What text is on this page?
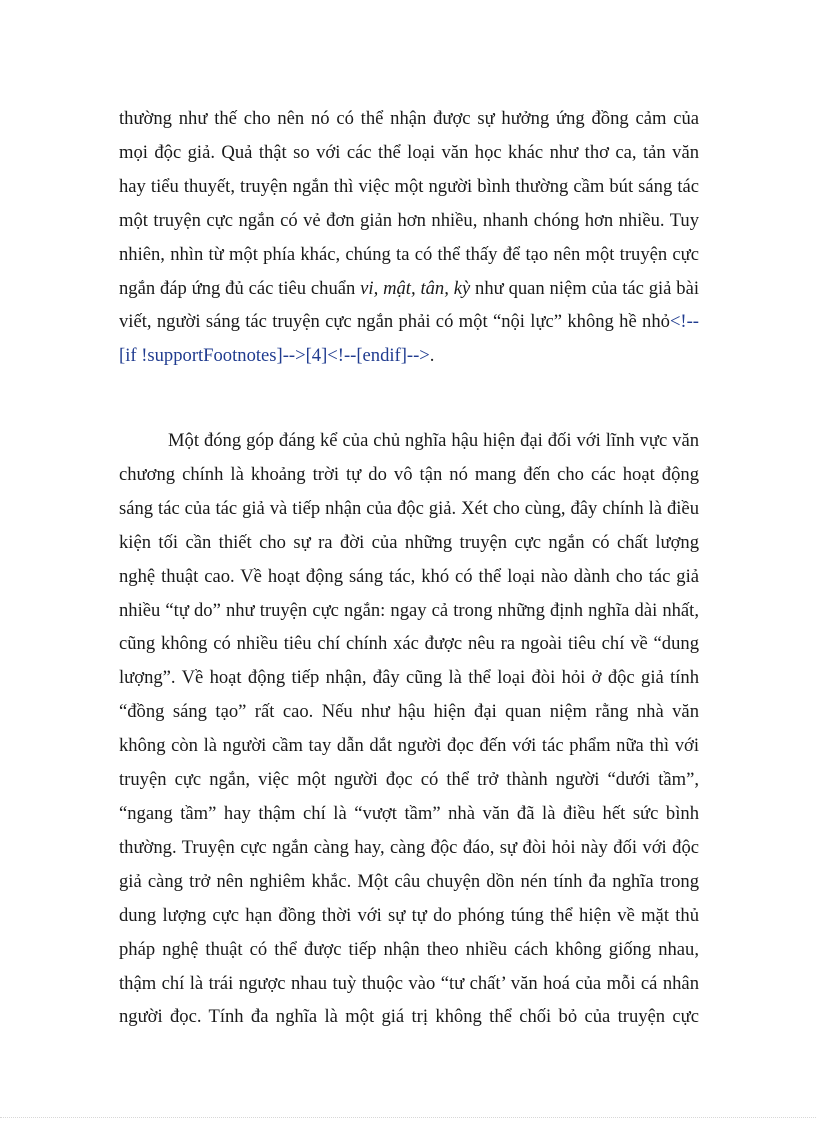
thường như thế cho nên nó có thể nhận được sự hưởng ứng đồng cảm của
mọi độc giả. Quả thật so với các thể loại văn học khác như thơ ca, tản văn
hay tiểu thuyết, truyện ngắn thì việc một người bình thường cầm bút sáng tác
một truyện cực ngắn có vẻ đơn giản hơn nhiều, nhanh chóng hơn nhiều. Tuy
nhiên, nhìn từ một phía khác, chúng ta có thể thấy để tạo nên một truyện cực
ngắn đáp ứng đủ các tiêu chuẩn vi, mật, tân, kỳ như quan niệm của tác giả bài
viết, người sáng tác truyện cực ngắn phải có một “nội lực” không hề nhỏ<!--
[if !supportFootnotes]-->[4]<!--[endif]-->.
Một đóng góp đáng kể của chủ nghĩa hậu hiện đại đối với lĩnh vực văn
chương chính là khoảng trời tự do vô tận nó mang đến cho các hoạt động
sáng tác của tác giả và tiếp nhận của độc giả. Xét cho cùng, đây chính là điều
kiện tối cần thiết cho sự ra đời của những truyện cực ngắn có chất lượng
nghệ thuật cao. Về hoạt động sáng tác, khó có thể loại nào dành cho tác giả
nhiều “tự do” như truyện cực ngắn: ngay cả trong những định nghĩa dài nhất,
cũng không có nhiều tiêu chí chính xác được nêu ra ngoài tiêu chí về “dung
lượng”. Về hoạt động tiếp nhận, đây cũng là thể loại đòi hỏi ở độc giả tính
“đồng sáng tạo” rất cao. Nếu như hậu hiện đại quan niệm rằng nhà văn
không còn là người cầm tay dẫn dắt người đọc đến với tác phẩm nữa thì với
truyện cực ngắn, việc một người đọc có thể trở thành người “dưới tầm”,
“ngang tầm” hay thậm chí là “vượt tầm” nhà văn đã là điều hết sức bình
thường. Truyện cực ngắn càng hay, càng độc đáo, sự đòi hỏi này đối với độc
giả càng trở nên nghiêm khắc. Một câu chuyện dồn nén tính đa nghĩa trong
dung lượng cực hạn đồng thời với sự tự do phóng túng thể hiện về mặt thủ
pháp nghệ thuật có thể được tiếp nhận theo nhiều cách không giống nhau,
thậm chí là trái ngược nhau tuỳ thuộc vào “tư chất’ văn hoá của mỗi cá nhân
người đọc. Tính đa nghĩa là một giá trị không thể chối bỏ của truyện cực
